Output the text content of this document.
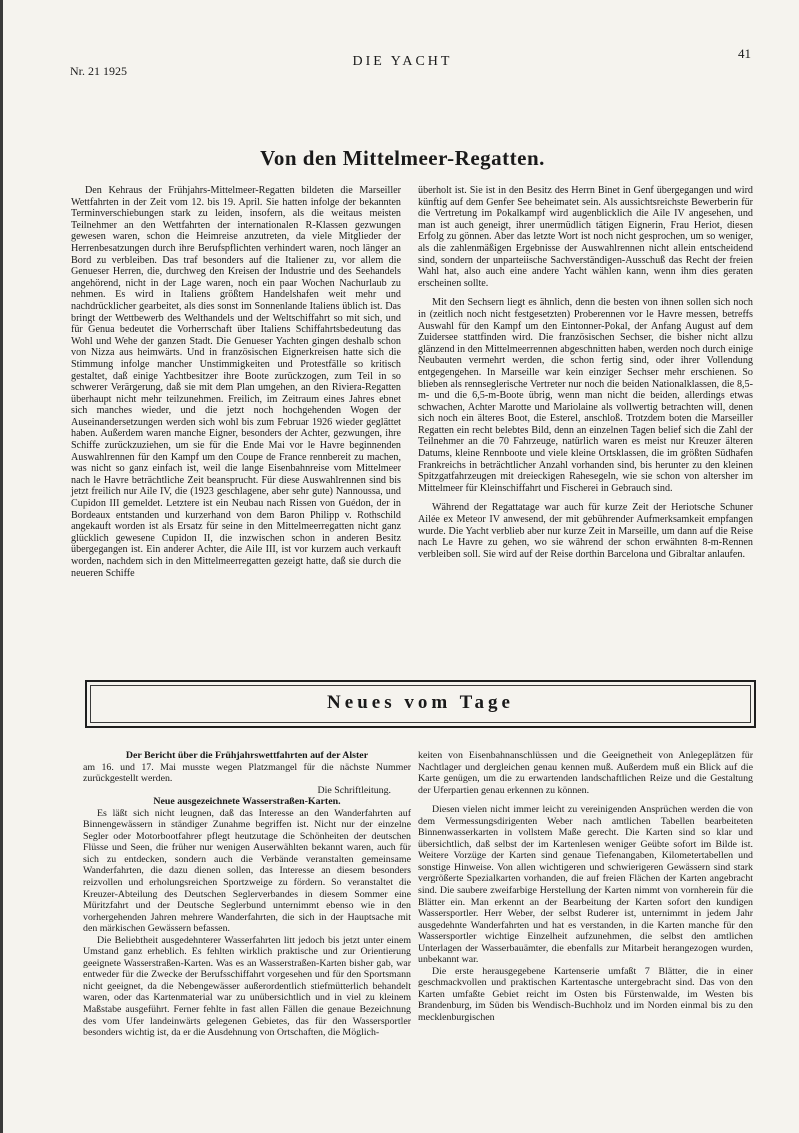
Nr. 21 1925
DIE YACHT
41
Von den Mittelmeer-Regatten.

Den Kehraus der Frühjahrs-Mittelmeer-Regatten bildeten die Marseiller Wettfahrten in der Zeit vom 12. bis 19. April. Sie hatten infolge der bekannten Terminverschiebungen stark zu leiden, insofern, als die weitaus meisten Teilnehmer an den Wettfahrten der internationalen R-Klassen gezwungen gewesen waren, schon die Heimreise anzutreten, da viele Mitglieder der Herrenbesatzungen durch ihre Berufspflichten verhindert waren, noch länger an Bord zu verbleiben. Das traf besonders auf die Italiener zu, vor allem die Genueser Herren, die, durchweg den Kreisen der Industrie und des Seehandels angehörend, nicht in der Lage waren, noch ein paar Wochen Nachurlaub zu nehmen. Es wird in Italiens größtem Handelshafen weit mehr und nachdrücklicher gearbeitet, als dies sonst im Sonnenlande Italiens üblich ist. Das bringt der Wettbewerb des Welthandels und der Weltschiffahrt so mit sich, und für Genua bedeutet die Vorherrschaft über Italiens Schiffahrtsbedeutung das Wohl und Wehe der ganzen Stadt. Die Genueser Yachten gingen deshalb schon von Nizza aus heimwärts. Und in französischen Eignerkreisen hatte sich die Stimmung infolge mancher Unstimmigkeiten und Protestfälle so kritisch gestaltet, daß einige Yachtbesitzer ihre Boote zurückzogen, zum Teil in so schwerer Verärgerung, daß sie mit dem Plan umgehen, an den Riviera-Regatten überhaupt nicht mehr teilzunehmen. Freilich, im Zeitraum eines Jahres ebnet sich manches wieder, und die jetzt noch hochgehenden Wogen der Auseinandersetzungen werden sich wohl bis zum Februar 1926 wieder geglättet haben. Außerdem waren manche Eigner, besonders der Achter, gezwungen, ihre Schiffe zurückzuziehen, um sie für die Ende Mai vor le Havre beginnenden Auswahlrennen für den Kampf um den Coupe de France rennbereit zu machen, was nicht so ganz einfach ist, weil die lange Eisenbahnreise vom Mittelmeer nach le Havre beträchtliche Zeit beansprucht. Für diese Auswahlrennen sind bis jetzt freilich nur Aile IV, die (1923 geschlagene, aber sehr gute) Nannoussa, und Cupidon III gemeldet. Letztere ist ein Neubau nach Rissen von Guédon, der in Bordeaux entstanden und kurzerhand von dem Baron Philipp v. Rothschild angekauft worden ist als Ersatz für seine in den Mittelmeerregatten nicht ganz glücklich gewesene Cupidon II, die inzwischen schon in anderen Besitz übergegangen ist. Ein anderer Achter, die Aile III, ist vor kurzem auch verkauft worden, nachdem sich in den Mittelmeerregatten gezeigt hatte, daß sie durch die neueren Schiffe

überholt ist. Sie ist in den Besitz des Herrn Binet in Genf übergegangen und wird künftig auf dem Genfer See beheimatet sein. Als aussichtsreichste Bewerberin für die Vertretung im Pokalkampf wird augenblicklich die Aile IV angesehen, und man ist auch geneigt, ihrer unermüdlich tätigen Eignerin, Frau Heriot, diesen Erfolg zu gönnen. Aber das letzte Wort ist noch nicht gesprochen, um so weniger, als die zahlenmäßigen Ergebnisse der Auswahlrennen nicht allein entscheidend sind, sondern der unparteiische Sachverständigen-Ausschuß das Recht der freien Wahl hat, also auch eine andere Yacht wählen kann, wenn ihm dies geraten erscheinen sollte.

Mit den Sechsern liegt es ähnlich, denn die besten von ihnen sollen sich noch in (zeitlich noch nicht festgesetzten) Proberennen vor le Havre messen, betreffs Auswahl für den Kampf um den Eintonner-Pokal, der Anfang August auf dem Zuidersee stattfinden wird. Die französischen Sechser, die bisher nicht allzu glänzend in den Mittelmeerrennen abgeschnitten haben, werden noch durch einige Neubauten vermehrt werden, die schon fertig sind, oder ihrer Vollendung entgegengehen. In Marseille war kein einziger Sechser mehr erschienen. So blieben als rennseglerische Vertreter nur noch die beiden Nationalklassen, die 8,5-m- und die 6,5-m-Boote übrig, wenn man nicht die beiden, allerdings etwas schwachen, Achter Marotte und Mariolaine als vollwertig betrachten will, denen sich noch ein älteres Boot, die Esterel, anschloß. Trotzdem boten die Marseiller Regatten ein recht belebtes Bild, denn an einzelnen Tagen belief sich die Zahl der Teilnehmer an die 70 Fahrzeuge, natürlich waren es meist nur Kreuzer älteren Datums, kleine Rennboote und viele kleine Ortsklassen, die im größten Südhafen Frankreichs in beträchtlicher Anzahl vorhanden sind, bis herunter zu den kleinen Spitzgatfahrzeugen mit dreieckigen Rahesegeln, wie sie schon von altersher im Mittelmeer für Kleinschiffahrt und Fischerei in Gebrauch sind.

Während der Regattatage war auch für kurze Zeit der Heriotsche Schuner Ailée ex Meteor IV anwesend, der mit gebührender Aufmerksamkeit empfangen wurde. Die Yacht verblieb aber nur kurze Zeit in Marseille, um dann auf die Reise nach Le Havre zu gehen, wo sie während der schon erwähnten 8-m-Rennen verbleiben soll. Sie wird auf der Reise dorthin Barcelona und Gibraltar anlaufen.

Neues vom Tage
Der Bericht über die Frühjahrswettfahrten auf der Alster
am 16. und 17. Mai musste wegen Platzmangel für die nächste Nummer zurückgestellt werden.
Die Schriftleitung.
Neue ausgezeichnete Wasserstraßen-Karten.

Es läßt sich nicht leugnen, daß das Interesse an den Wanderfahrten auf Binnengewässern in ständiger Zunahme begriffen ist. Nicht nur der einzelne Segler oder Motorbootfahrer pflegt heutzutage die Schönheiten der deutschen Flüsse und Seen, die früher nur wenigen Auserwählten bekannt waren, auch für sich zu entdecken, sondern auch die Verbände veranstalten gemeinsame Wanderfahrten, die dazu dienen sollen, das Interesse an diesem besonders reizvollen und erholungsreichen Sportzweige zu fördern. So veranstaltet die Kreuzer-Abteilung des Deutschen Seglerverbandes in diesem Sommer eine Müritzfahrt und der Deutsche Seglerbund unternimmt ebenso wie in den vorhergehenden Jahren mehrere Wanderfahrten, die sich in der Hauptsache mit den märkischen Gewässern befassen.

Die Beliebtheit ausgedehnterer Wasserfahrten litt jedoch bis jetzt unter einem Umstand ganz erheblich. Es fehlten wirklich praktische und zur Orientierung geeignete Wasserstraßen-Karten. Was es an Wasserstraßen-Karten bisher gab, war entweder für die Zwecke der Berufsschiffahrt vorgesehen und für den Sportsmann nicht geeignet, da die Nebengewässer außerordentlich stiefmütterlich behandelt waren, oder das Kartenmaterial war zu unübersichtlich und in viel zu kleinem Maßstabe ausgeführt. Ferner fehlte in fast allen Fällen die genaue Bezeichnung des vom Ufer landeinwärts gelegenen Gebietes, das für den Wassersportler besonders wichtig ist, da er die Ausdehnung von Ortschaften, die Möglich-

keiten von Eisenbahnanschlüssen und die Geeignetheit von Anlegeplätzen für Nachtlager und dergleichen genau kennen muß. Außerdem muß ein Blick auf die Karte genügen, um die zu erwartenden landschaftlichen Reize und die Gestaltung der Uferpartien genau erkennen zu können.

Diesen vielen nicht immer leicht zu vereinigenden Ansprüchen werden die von dem Vermessungsdirigenten Weber nach amtlichen Tabellen bearbeiteten Binnenwasserkarten in vollstem Maße gerecht. Die Karten sind so klar und übersichtlich, daß selbst der im Kartenlesen weniger Geübte sofort im Bilde ist. Weitere Vorzüge der Karten sind genaue Tiefenangaben, Kilometertabellen und sonstige Hinweise. Von allen wichtigeren und schwierigeren Gewässern sind stark vergrößerte Spezialkarten vorhanden, die auf freien Flächen der Karten angebracht sind. Die saubere zweifarbige Herstellung der Karten nimmt von vornherein für die Blätter ein. Man erkennt an der Bearbeitung der Karten sofort den kundigen Wassersportler. Herr Weber, der selbst Ruderer ist, unternimmt in jedem Jahr ausgedehnte Wanderfahrten und hat es verstanden, in die Karten manche für den Wassersportler wichtige Einzelheit aufzunehmen, die selbst den amtlichen Unterlagen der Wasserbauämter, die ebenfalls zur Mitarbeit herangezogen wurden, unbekannt war.

Die erste herausgegebene Kartenserie umfaßt 7 Blätter, die in einer geschmackvollen und praktischen Kartentasche untergebracht sind. Das von den Karten umfaßte Gebiet reicht im Osten bis Fürstenwalde, im Westen bis Brandenburg, im Süden bis Wendisch-Buchholz und im Norden einmal bis zu den mecklenburgischen
